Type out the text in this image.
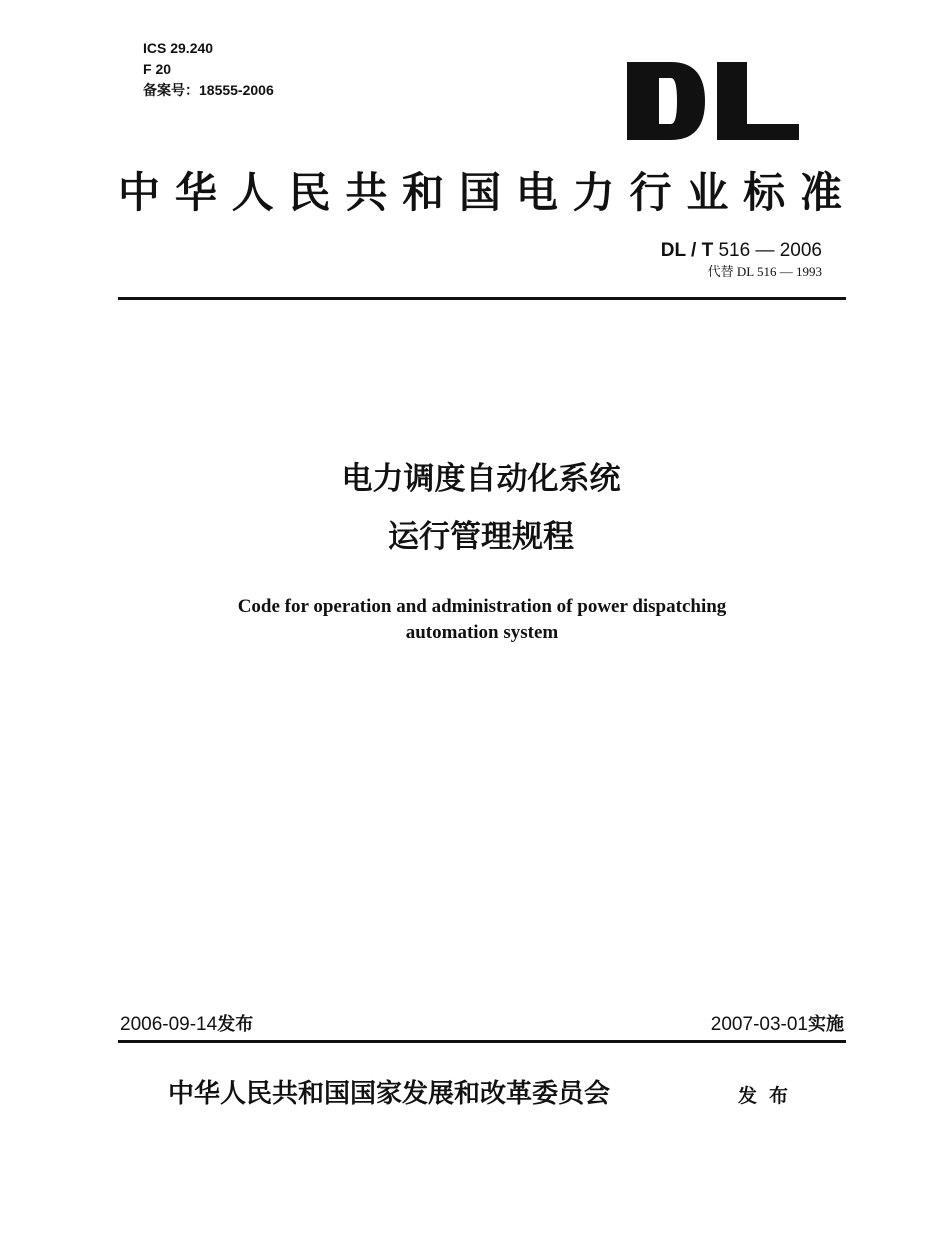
ICS 29.240
F 20
备案号：18555-2006
中华人民共和国电力行业标准
DL / T 516 — 2006
代替 DL 516 — 1993
电力调度自动化系统
运行管理规程
Code for operation and administration of power dispatching
automation system
2006-09-14发布	2007-03-01实施
中华人民共和国国家发展和改革委员会	发布
